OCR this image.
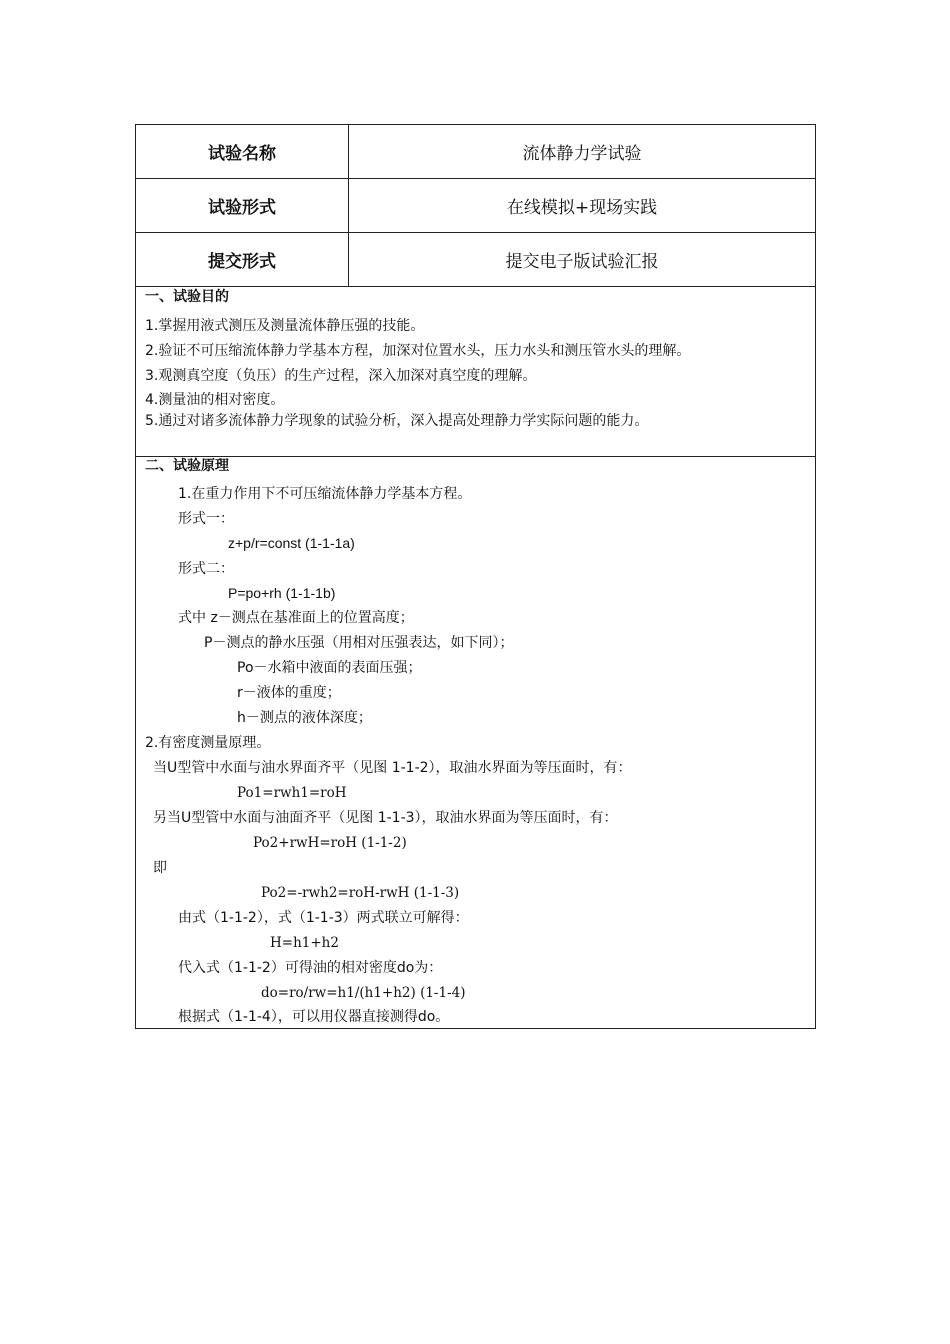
试验名称	流体静力学试验
试验形式	在线模拟+现场实践
提交形式	提交电子版试验汇报
一、试验目的
1.掌握用液式测压及测量流体静压强的技能。
2.验证不可压缩流体静力学基本方程，加深对位置水头，压力水头和测压管水头的理解。
3.观测真空度（负压）的生产过程，深入加深对真空度的理解。
4.测量油的相对密度。
5.通过对诸多流体静力学现象的试验分析，深入提高处理静力学实际问题的能力。
二、试验原理
1.在重力作用下不可压缩流体静力学基本方程。
形式一：
z+p/r=const (1-1-1a)
形式二：
P=po+rh (1-1-1b)
式中 z－测点在基准面上的位置高度；
P－测点的静水压强（用相对压强表达，如下同）；
Po－水箱中液面的表面压强；
r－液体的重度；
h－测点的液体深度；
2.有密度测量原理。
当U型管中水面与油水界面齐平（见图 1-1-2），取油水界面为等压面时，有：
Po1=rwh1=roH
另当U型管中水面与油面齐平（见图 1-1-3），取油水界面为等压面时，有：
Po2+rwH=roH (1-1-2)
即
Po2=-rwh2=roH-rwH (1-1-3)
由式（1-1-2），式（1-1-3）两式联立可解得：
H=h1+h2
代入式（1-1-2）可得油的相对密度do为：
do=ro/rw=h1/(h1+h2) (1-1-4)
根据式（1-1-4），可以用仪器直接测得do。
